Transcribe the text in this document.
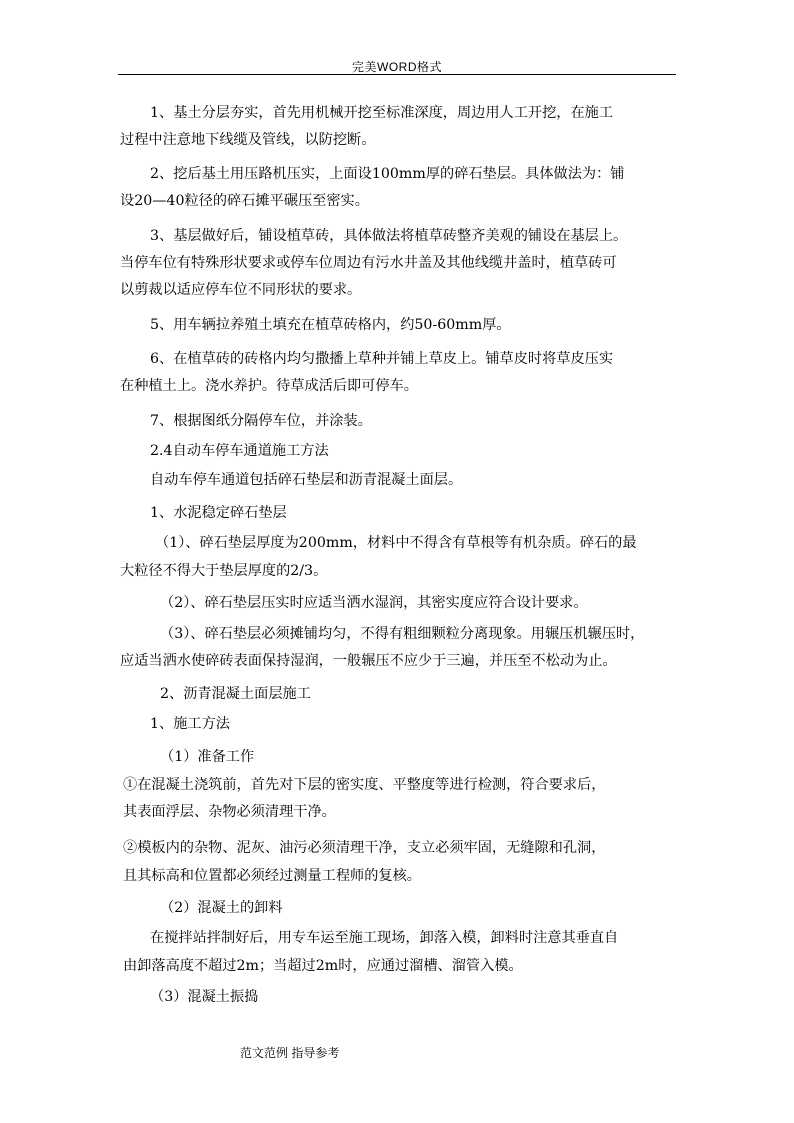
完美WORD格式
1、基土分层夯实，首先用机械开挖至标准深度，周边用人工开挖，在施工
过程中注意地下线缆及管线，以防挖断。
2、挖后基土用压路机压实，上面设100mm厚的碎石垫层。具体做法为：铺
设20—40粒径的碎石摊平碾压至密实。
3、基层做好后，铺设植草砖，具体做法将植草砖整齐美观的铺设在基层上。
当停车位有特殊形状要求或停车位周边有污水井盖及其他线缆井盖时，植草砖可
以剪裁以适应停车位不同形状的要求。
5、用车辆拉养殖土填充在植草砖格内，约50-60mm厚。
6、在植草砖的砖格内均匀撒播上草种并铺上草皮上。铺草皮时将草皮压实
在种植土上。浇水养护。待草成活后即可停车。
7、根据图纸分隔停车位，并涂装。
2.4自动车停车通道施工方法
自动车停车通道包括碎石垫层和沥青混凝土面层。
1、水泥稳定碎石垫层
（1）、碎石垫层厚度为200mm，材料中不得含有草根等有机杂质。碎石的最
大粒径不得大于垫层厚度的2/3。
（2）、碎石垫层压实时应适当洒水湿润，其密实度应符合设计要求。
（3）、碎石垫层必须摊铺均匀，不得有粗细颗粒分离现象。用辗压机辗压时，
应适当洒水使碎砖表面保持湿润，一般辗压不应少于三遍，并压至不松动为止。
2、沥青混凝土面层施工
1、施工方法
（1）准备工作
①在混凝土浇筑前，首先对下层的密实度、平整度等进行检测，符合要求后，
其表面浮层、杂物必须清理干净。
②模板内的杂物、泥灰、油污必须清理干净，支立必须牢固，无缝隙和孔洞，
且其标高和位置都必须经过测量工程师的复核。
（2）混凝土的卸料
在搅拌站拌制好后，用专车运至施工现场，卸落入模，卸料时注意其垂直自
由卸落高度不超过2m；当超过2m时，应通过溜槽、溜管入模。
（3）混凝土振捣
范文范例 指导参考
